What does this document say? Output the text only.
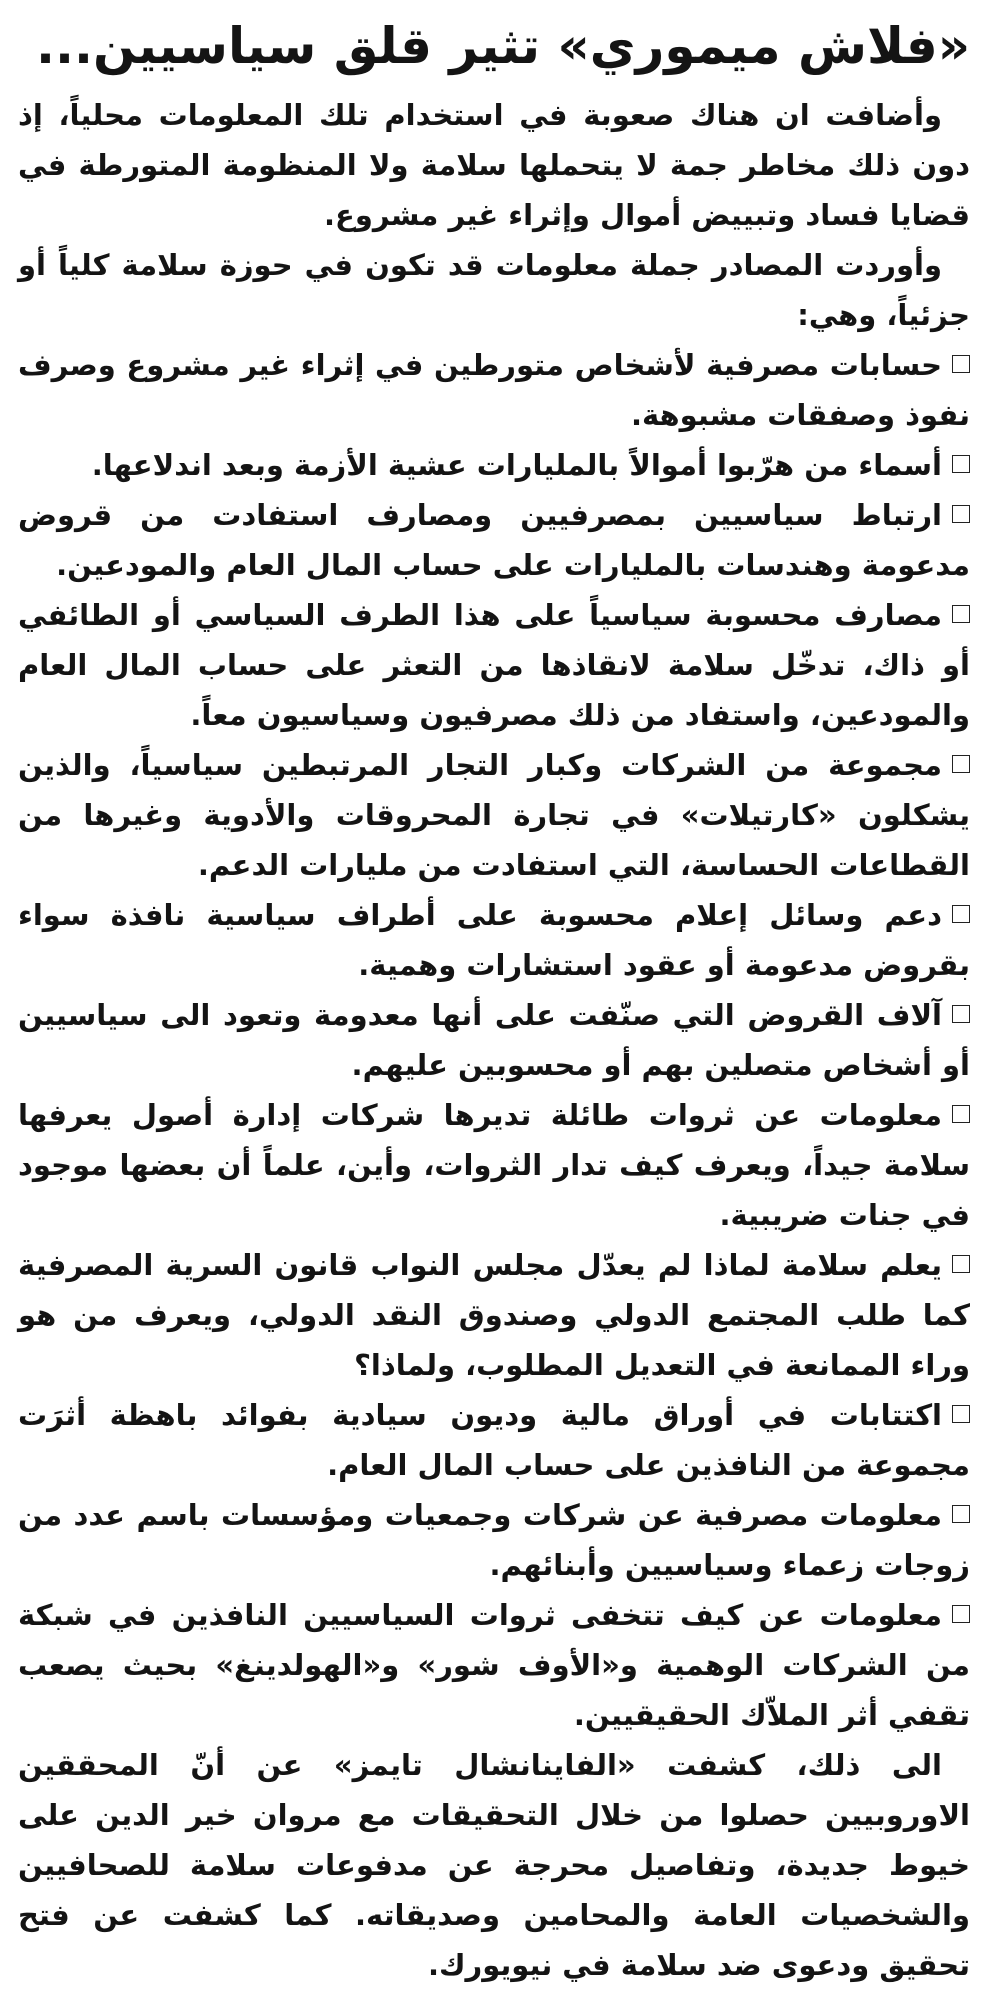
«فلاش ميموري» تثير قلق سياسيين...

وأضافت ان هناك صعوبة في استخدام تلك المعلومات محلياً، إذ دون ذلك مخاطر جمة لا يتحملها سلامة ولا المنظومة المتورطة في قضايا فساد وتبييض أموال وإثراء غير مشروع.

وأوردت المصادر جملة معلومات قد تكون في حوزة سلامة كلياً أو جزئياً، وهي:

حسابات مصرفية لأشخاص متورطين في إثراء غير مشروع وصرف نفوذ وصفقات مشبوهة.

أسماء من هرّبوا أموالاً بالمليارات عشية الأزمة وبعد اندلاعها.

ارتباط سياسيين بمصرفيين ومصارف استفادت من قروض مدعومة وهندسات بالمليارات على حساب المال العام والمودعين.

مصارف محسوبة سياسياً على هذا الطرف السياسي أو الطائفي أو ذاك، تدخّل سلامة لانقاذها من التعثر على حساب المال العام والمودعين، واستفاد من ذلك مصرفيون وسياسيون معاً.

مجموعة من الشركات وكبار التجار المرتبطين سياسياً، والذين يشكلون «كارتيلات» في تجارة المحروقات والأدوية وغيرها من القطاعات الحساسة، التي استفادت من مليارات الدعم.

دعم وسائل إعلام محسوبة على أطراف سياسية نافذة سواء بقروض مدعومة أو عقود استشارات وهمية.

آلاف القروض التي صنّفت على أنها معدومة وتعود الى سياسيين أو أشخاص متصلين بهم أو محسوبين عليهم.

معلومات عن ثروات طائلة تديرها شركات إدارة أصول يعرفها سلامة جيداً، ويعرف كيف تدار الثروات، وأين، علماً أن بعضها موجود في جنات ضريبية.

يعلم سلامة لماذا لم يعدّل مجلس النواب قانون السرية المصرفية كما طلب المجتمع الدولي وصندوق النقد الدولي، ويعرف من هو وراء الممانعة في التعديل المطلوب، ولماذا؟

اكتتابات في أوراق مالية وديون سيادية بفوائد باهظة أثرَت مجموعة من النافذين على حساب المال العام.

معلومات مصرفية عن شركات وجمعيات ومؤسسات باسم عدد من زوجات زعماء وسياسيين وأبنائهم.

معلومات عن كيف تتخفى ثروات السياسيين النافذين في شبكة من الشركات الوهمية و«الأوف شور» و«الهولدينغ» بحيث يصعب تقفي أثر الملاّك الحقيقيين.

الى ذلك، كشفت «الفاينانشال تايمز» عن أنّ المحققين الاوروبيين حصلوا من خلال التحقيقات مع مروان خير الدين على خيوط جديدة، وتفاصيل محرجة عن مدفوعات سلامة للصحافيين والشخصيات العامة والمحامين وصديقاته. كما كشفت عن فتح تحقيق ودعوى ضد سلامة في نيويورك.
